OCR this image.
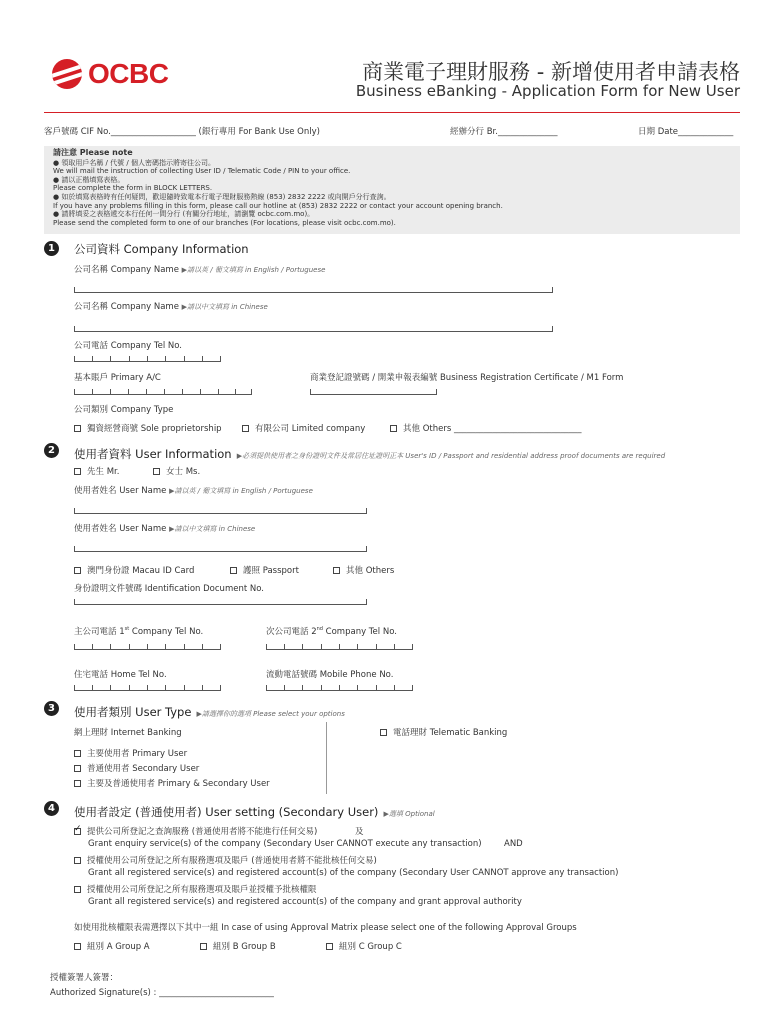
OCBC	商業電子理財服務 - 新增使用者申請表格
Business eBanking - Application Form for New User
客戶號碼 CIF No.____________________ (銀行專用 For Bank Use Only)	經辦分行 Br.______________	日期 Date_____________
請注意 Please note
● 領取用戶名稱 / 代號 / 個人密碼指示將寄往公司。
We will mail the instruction of collecting User ID / Telematic Code / PIN to your office.
● 請以正楷填寫表格。
Please complete the form in BLOCK LETTERS.
● 如於填寫表格時有任何疑問，歡迎隨時致電本行電子理財服務熱線 (853) 2832 2222 或向開戶分行查詢。
If you have any problems filling in this form, please call our hotline at (853) 2832 2222 or contact your account opening branch.
● 請將填妥之表格遞交本行任何一間分行 (有關分行地址，請瀏覽 ocbc.com.mo)。
Please send the completed form to one of our branches (For locations, please visit ocbc.com.mo).
1	公司資料 Company Information
公司名稱 Company Name ▶請以英 / 葡文填寫 in English / Portuguese
公司名稱 Company Name ▶請以中文填寫 in Chinese
公司電話 Company Tel No.
基本賬戶 Primary A/C	商業登記證號碼 / 開業申報表編號 Business Registration Certificate / M1 Form
公司類別 Company Type
獨資經營商號 Sole proprietorship	有限公司 Limited company	其他 Others ______________________________
2	使用者資料 User Information ▶必須提供使用者之身份證明文件及常居住址證明正本 User's ID / Passport and residential address proof documents are required
先生 Mr.	女士 Ms.
使用者姓名 User Name ▶請以英 / 葡文填寫 in English / Portuguese
使用者姓名 User Name ▶請以中文填寫 in Chinese
澳門身份證 Macau ID Card	護照 Passport	其他 Others
身份證明文件號碼 Identification Document No.
主公司電話 1st Company Tel No.	次公司電話 2nd Company Tel No.
住宅電話 Home Tel No.	流動電話號碼 Mobile Phone No.
3	使用者類別 User Type ▶請選擇你的選項 Please select your options
網上理財 Internet Banking	電話理財 Telematic Banking
主要使用者 Primary User
普通使用者 Secondary User
主要及普通使用者 Primary & Secondary User
4	使用者設定 (普通使用者) User setting (Secondary User) ▶選填 Optional
✓提供公司所登記之查詢服務 (普通使用者將不能進行任何交易)	及
Grant enquiry service(s) of the company (Secondary User CANNOT execute any transaction)	AND
授權使用公司所登記之所有服務選項及賬戶 (普通使用者將不能批核任何交易)
Grant all registered service(s) and registered account(s) of the company (Secondary User CANNOT approve any transaction)
授權使用公司所登記之所有服務選項及賬戶並授權予批核權限
Grant all registered service(s) and registered account(s) of the company and grant approval authority
如使用批核權限表需選擇以下其中一組 In case of using Approval Matrix please select one of the following Approval Groups
組別 A Group A	組別 B Group B	組別 C Group C
授權簽署人簽署：
Authorized Signature(s) : ___________________________
